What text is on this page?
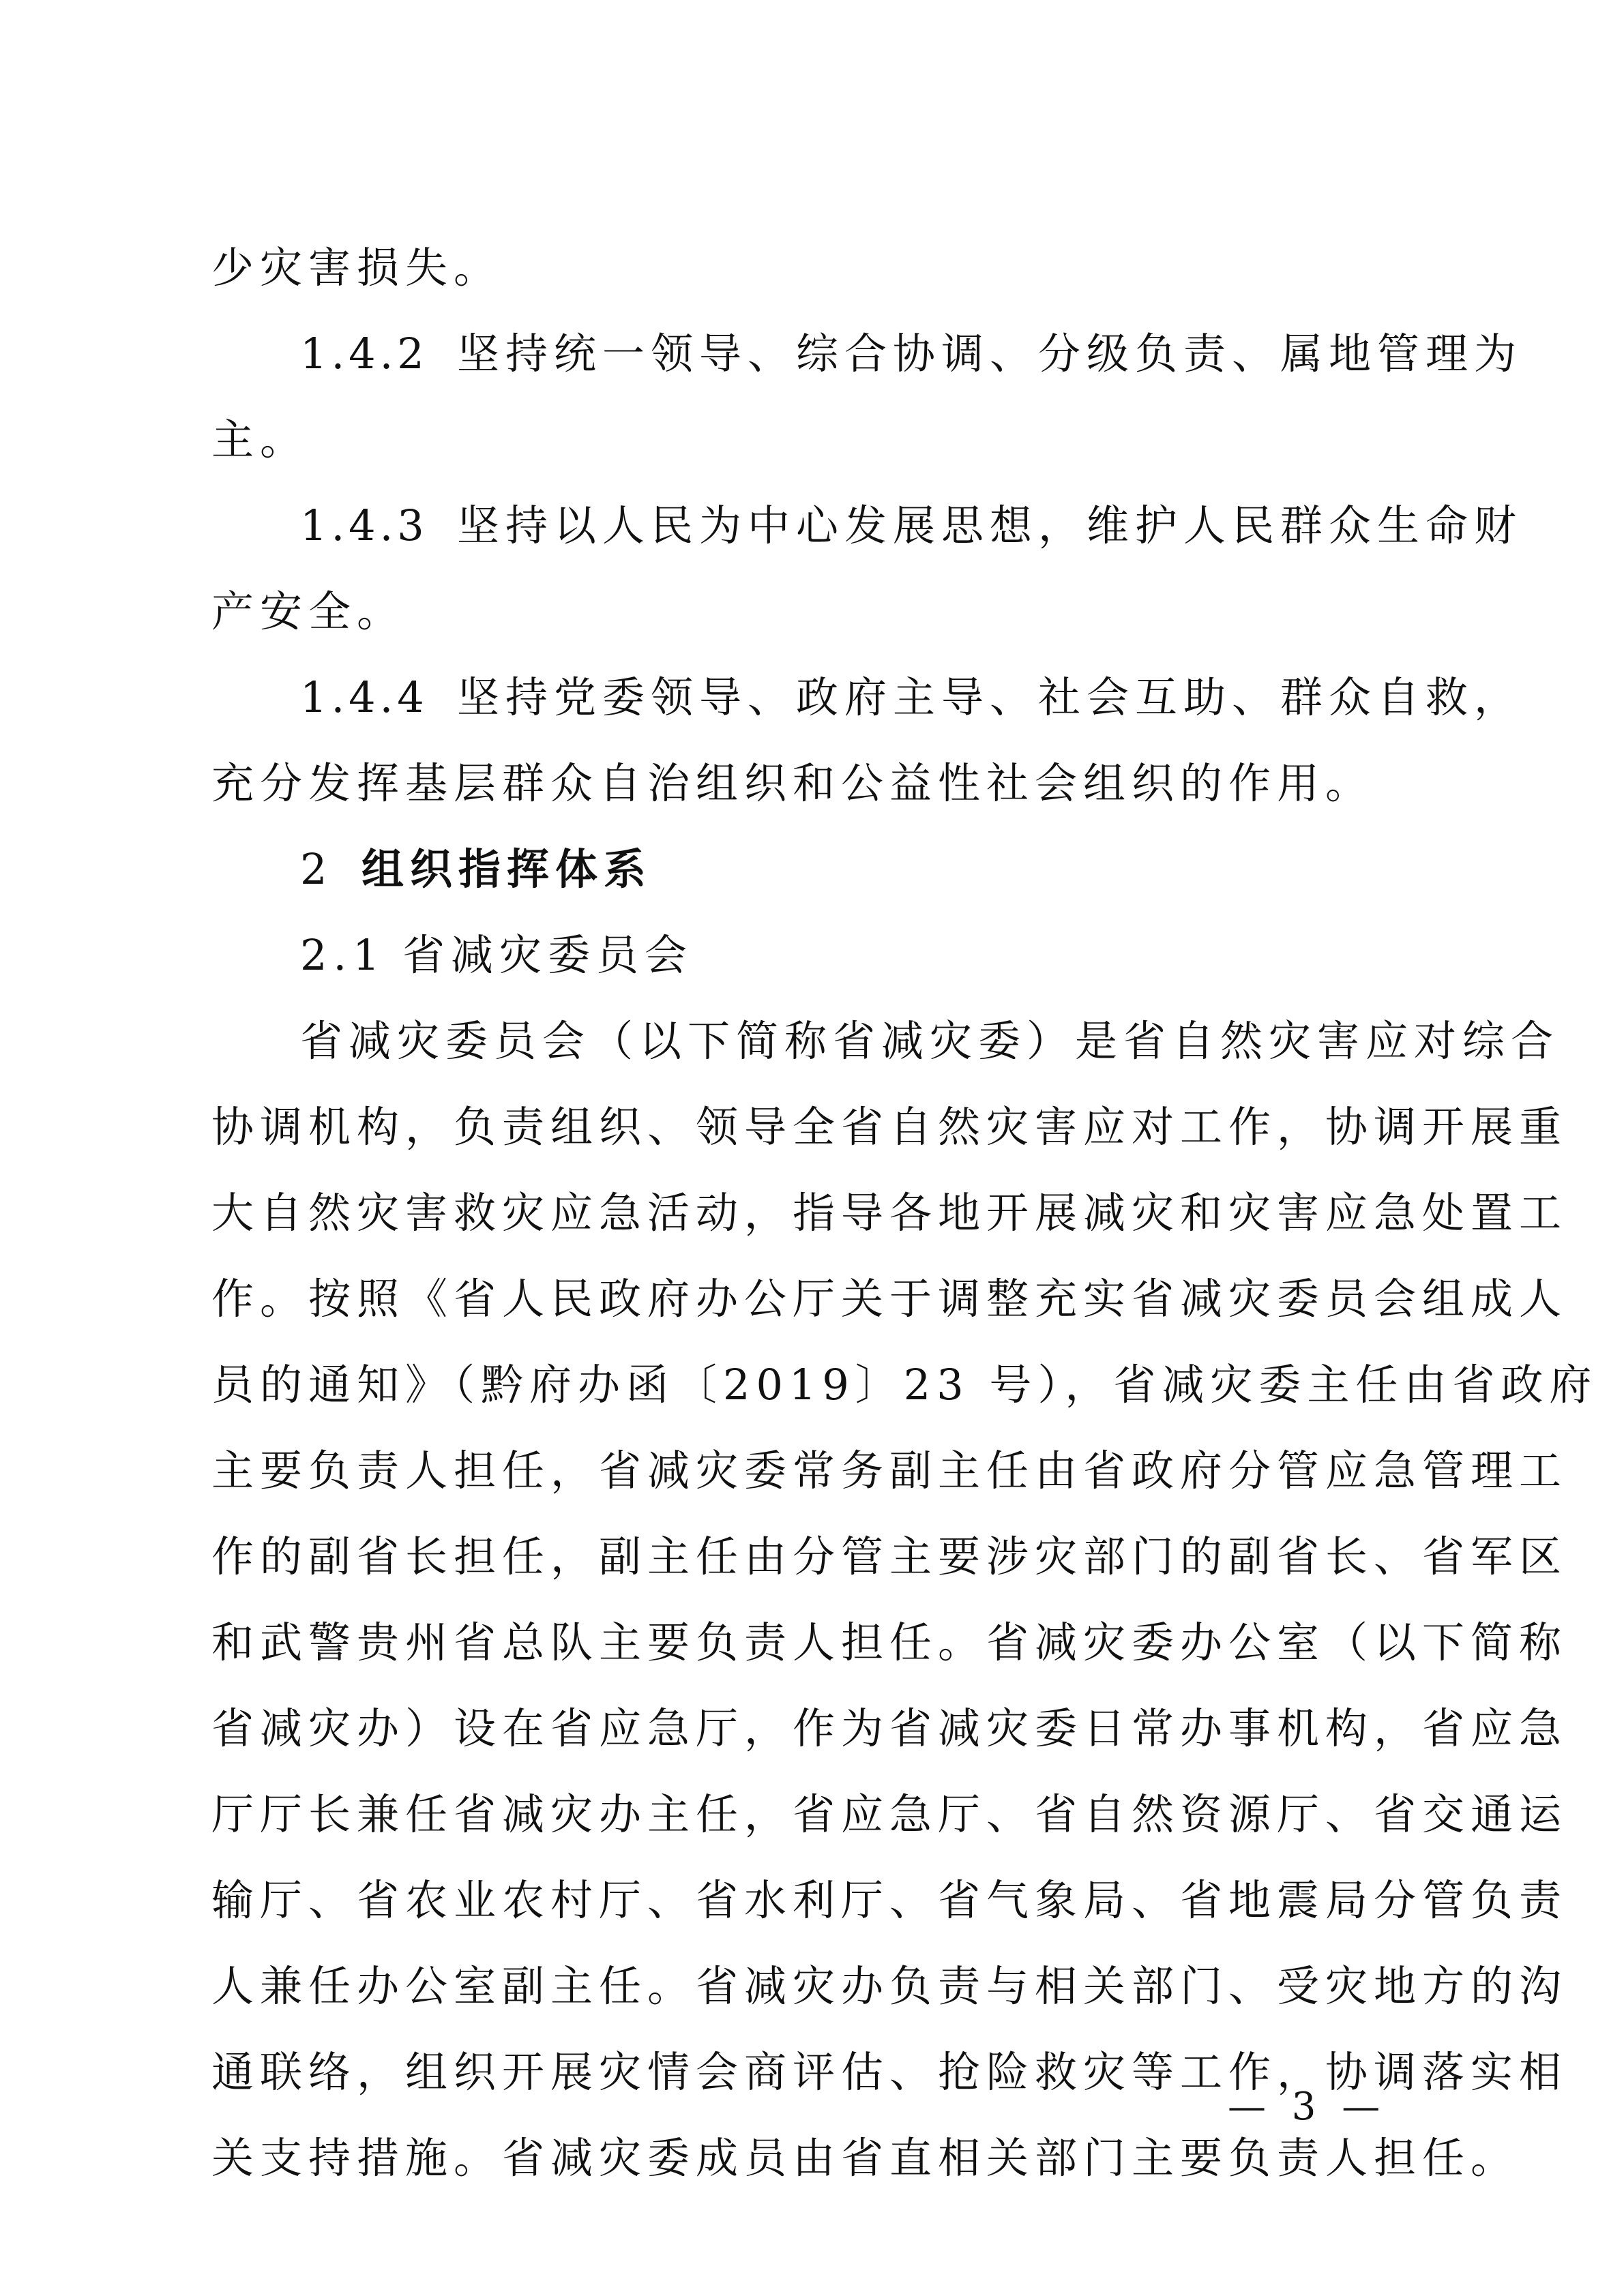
少灾害损失。
1.4.2 坚持统一领导、综合协调、分级负责、属地管理为
主。
1.4.3 坚持以人民为中心发展思想，维护人民群众生命财
产安全。
1.4.4 坚持党委领导、政府主导、社会互助、群众自救，
充分发挥基层群众自治组织和公益性社会组织的作用。
2 组织指挥体系
2.1 省减灾委员会
省减灾委员会（以下简称省减灾委）是省自然灾害应对综合
协调机构，负责组织、领导全省自然灾害应对工作，协调开展重
大自然灾害救灾应急活动，指导各地开展减灾和灾害应急处置工
作。按照《省人民政府办公厅关于调整充实省减灾委员会组成人
员的通知》（黔府办函〔2019〕23 号），省减灾委主任由省政府
主要负责人担任，省减灾委常务副主任由省政府分管应急管理工
作的副省长担任，副主任由分管主要涉灾部门的副省长、省军区
和武警贵州省总队主要负责人担任。省减灾委办公室（以下简称
省减灾办）设在省应急厅，作为省减灾委日常办事机构，省应急
厅厅长兼任省减灾办主任，省应急厅、省自然资源厅、省交通运
输厅、省农业农村厅、省水利厅、省气象局、省地震局分管负责
人兼任办公室副主任。省减灾办负责与相关部门、受灾地方的沟
通联络，组织开展灾情会商评估、抢险救灾等工作，协调落实相
关支持措施。省减灾委成员由省直相关部门主要负责人担任。
— 3 —
